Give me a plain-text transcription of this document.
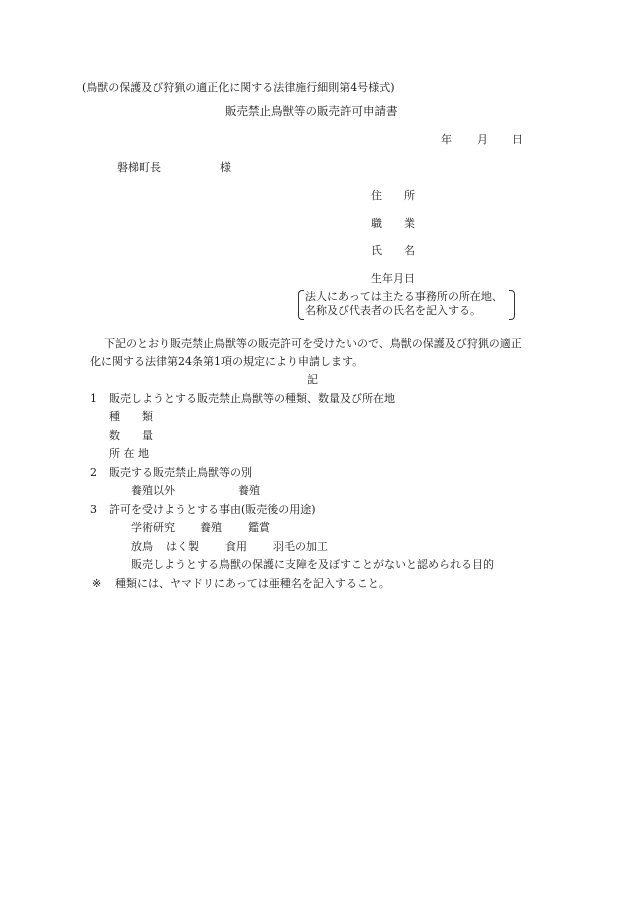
(鳥獣の保護及び狩猟の適正化に関する法律施行細則第4号様式)
販売禁止鳥獣等の販売許可申請書
年 月 日
磐梯町長	様
住　　所
職　　業
氏　　名
生年月日
法人にあっては主たる事務所の所在地、
名称及び代表者の氏名を記入する。
下記のとおり販売禁止鳥獣等の販売許可を受けたいので、鳥獣の保護及び狩猟の適正
化に関する法律第24条第1項の規定により申請します。
記
1 販売しようとする販売禁止鳥獣等の種類、数量及び所在地
種　　類
数　　量
所 在 地
2 販売する販売禁止鳥獣等の別
養殖以外	養殖
3 許可を受けようとする事由(販売後の用途)
学術研究 養殖 鑑賞
放鳥 はく製 食用 羽毛の加工
販売しようとする鳥獣の保護に支障を及ぼすことがないと認められる目的
※ 種類には、ヤマドリにあっては亜種名を記入すること。
